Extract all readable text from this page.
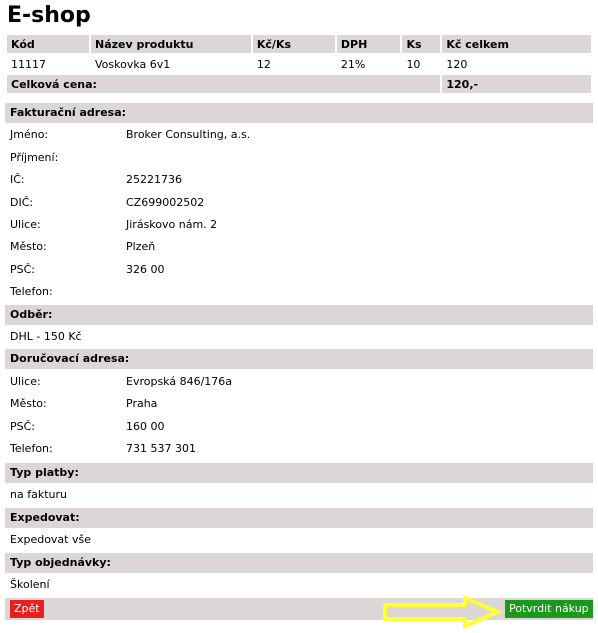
E-shop
Kód	Název produktu	Kč/Ks	DPH	Ks	Kč celkem
11117	Voskovka 6v1	12	21%	10	120
Celková cena:					120,-
Fakturační adresa:
Jméno:	Broker Consulting, a.s.
Příjmení:
IČ:	25221736
DIČ:	CZ699002502
Ulice:	Jiráskovo nám. 2
Město:	Plzeň
PSČ:	326 00
Telefon:
Odběr:
DHL - 150 Kč
Doručovací adresa:
Ulice:	Evropská 846/176a
Město:	Praha
PSČ:	160 00
Telefon:	731 537 301
Typ platby:
na fakturu
Expedovat:
Expedovat vše
Typ objednávky:
Školení
Zpět	Potvrdit nákup
